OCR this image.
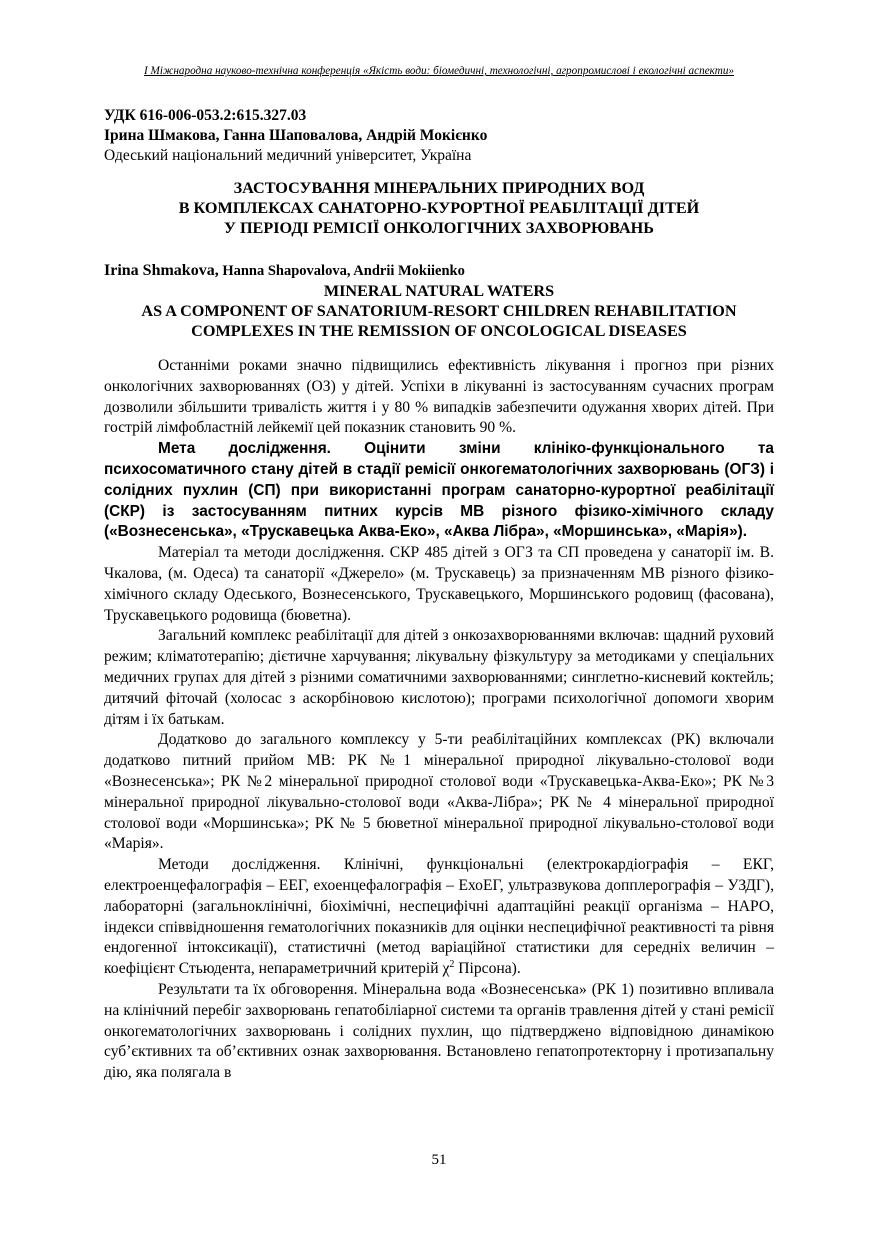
І Міжнародна науково-технічна конференція «Якість води: біомедичні, технологічні, агропромислові і екологічні аспекти»
УДК 616-006-053.2:615.327.03
Ірина Шмакова, Ганна Шаповалова, Андрій Мокієнко
Одеський національний медичний університет, Україна
ЗАСТОСУВАННЯ МІНЕРАЛЬНИХ ПРИРОДНИХ ВОД
В КОМПЛЕКСАХ САНАТОРНО-КУРОРТНОЇ РЕАБІЛІТАЦІЇ ДІТЕЙ
У ПЕРІОДІ РЕМІСІЇ ОНКОЛОГІЧНИХ ЗАХВОРЮВАНЬ
Irina Shmakova, Hanna Shapovalova, Andrii Mokiienko
MINERAL NATURAL WATERS
AS A COMPONENT OF SANATORIUM-RESORT CHILDREN REHABILITATION
COMPLEXES IN THE REMISSION OF ONCOLOGICAL DISEASES

Останніми роками значно підвищились ефективність лікування і прогноз при різних онкологічних захворюваннях (ОЗ) у дітей. Успіхи в лікуванні із застосуванням сучасних програм дозволили збільшити тривалість життя і у 80 % випадків забезпечити одужання хворих дітей. При гострій лімфобластній лейкемії цей показник становить 90 %.

Мета дослідження. Оцінити зміни клініко-функціонального та психосоматичного стану дітей в стадії ремісії онкогематологічних захворювань (ОГЗ) і солідних пухлин (СП) при використанні програм санаторно-курортної реабілітації (СКР) із застосуванням питних курсів МВ різного фізико-хімічного складу («Вознесенська», «Трускавецька Аква-Еко», «Аква Лібра», «Моршинська», «Марія»).

Матеріал та методи дослідження. СКР 485 дітей з ОГЗ та СП проведена у санаторії ім. В. Чкалова, (м. Одеса) та санаторії «Джерело» (м. Трускавець) за призначенням МВ різного фізико-хімічного складу Одеського, Вознесенського, Трускавецького, Моршинського родовищ (фасована), Трускавецького родовища (бюветна).

Загальний комплекс реабілітації для дітей з онкозахворюваннями включав: щадний руховий режим; кліматотерапію; дієтичне харчування; лікувальну фізкультуру за методиками у спеціальних медичних групах для дітей з різними соматичними захворюваннями; синглетно-кисневий коктейль; дитячий фіточай (холосас з аскорбіновою кислотою); програми психологічної допомоги хворим дітям і їх батькам.

Додатково до загального комплексу у 5-ти реабілітаційних комплексах (РК) включали додатково питний прийом МВ: РК №1 мінеральної природної лікувально-столової води «Вознесенська»; РК №2 мінеральної природної столової води «Трускавецька-Аква-Еко»; РК №3 мінеральної природної лікувально-столової води «Аква-Лібра»; РК № 4 мінеральної природної столової води «Моршинська»; РК № 5 бюветної мінеральної природної лікувально-столової води «Марія».

Методи дослідження. Клінічні, функціональні (електрокардіографія – ЕКГ, електроенцефалографія – ЕЕГ, ехоенцефалографія – ЕхоЕГ, ультразвукова допплерографія – УЗДГ), лабораторні (загальноклінічні, біохімічні, неспецифічні адаптаційні реакції організма – НАРО, індекси співвідношення гематологічних показників для оцінки неспецифічної реактивності та рівня ендогенної інтоксикації), статистичні (метод варіаційної статистики для середніх величин – коефіцієнт Стьюдента, непараметричний критерій $\chi^2$ Пірсона).

Результати та їх обговорення. Мінеральна вода «Вознесенська» (РК 1) позитивно впливала на клінічний перебіг захворювань гепатобіліарної системи та органів травлення дітей у стані ремісії онкогематологічних захворювань і солідних пухлин, що підтверджено відповідною динамікою суб’єктивних та об’єктивних ознак захворювання. Встановлено гепатопротекторну і протизапальну дію, яка полягала в

51
